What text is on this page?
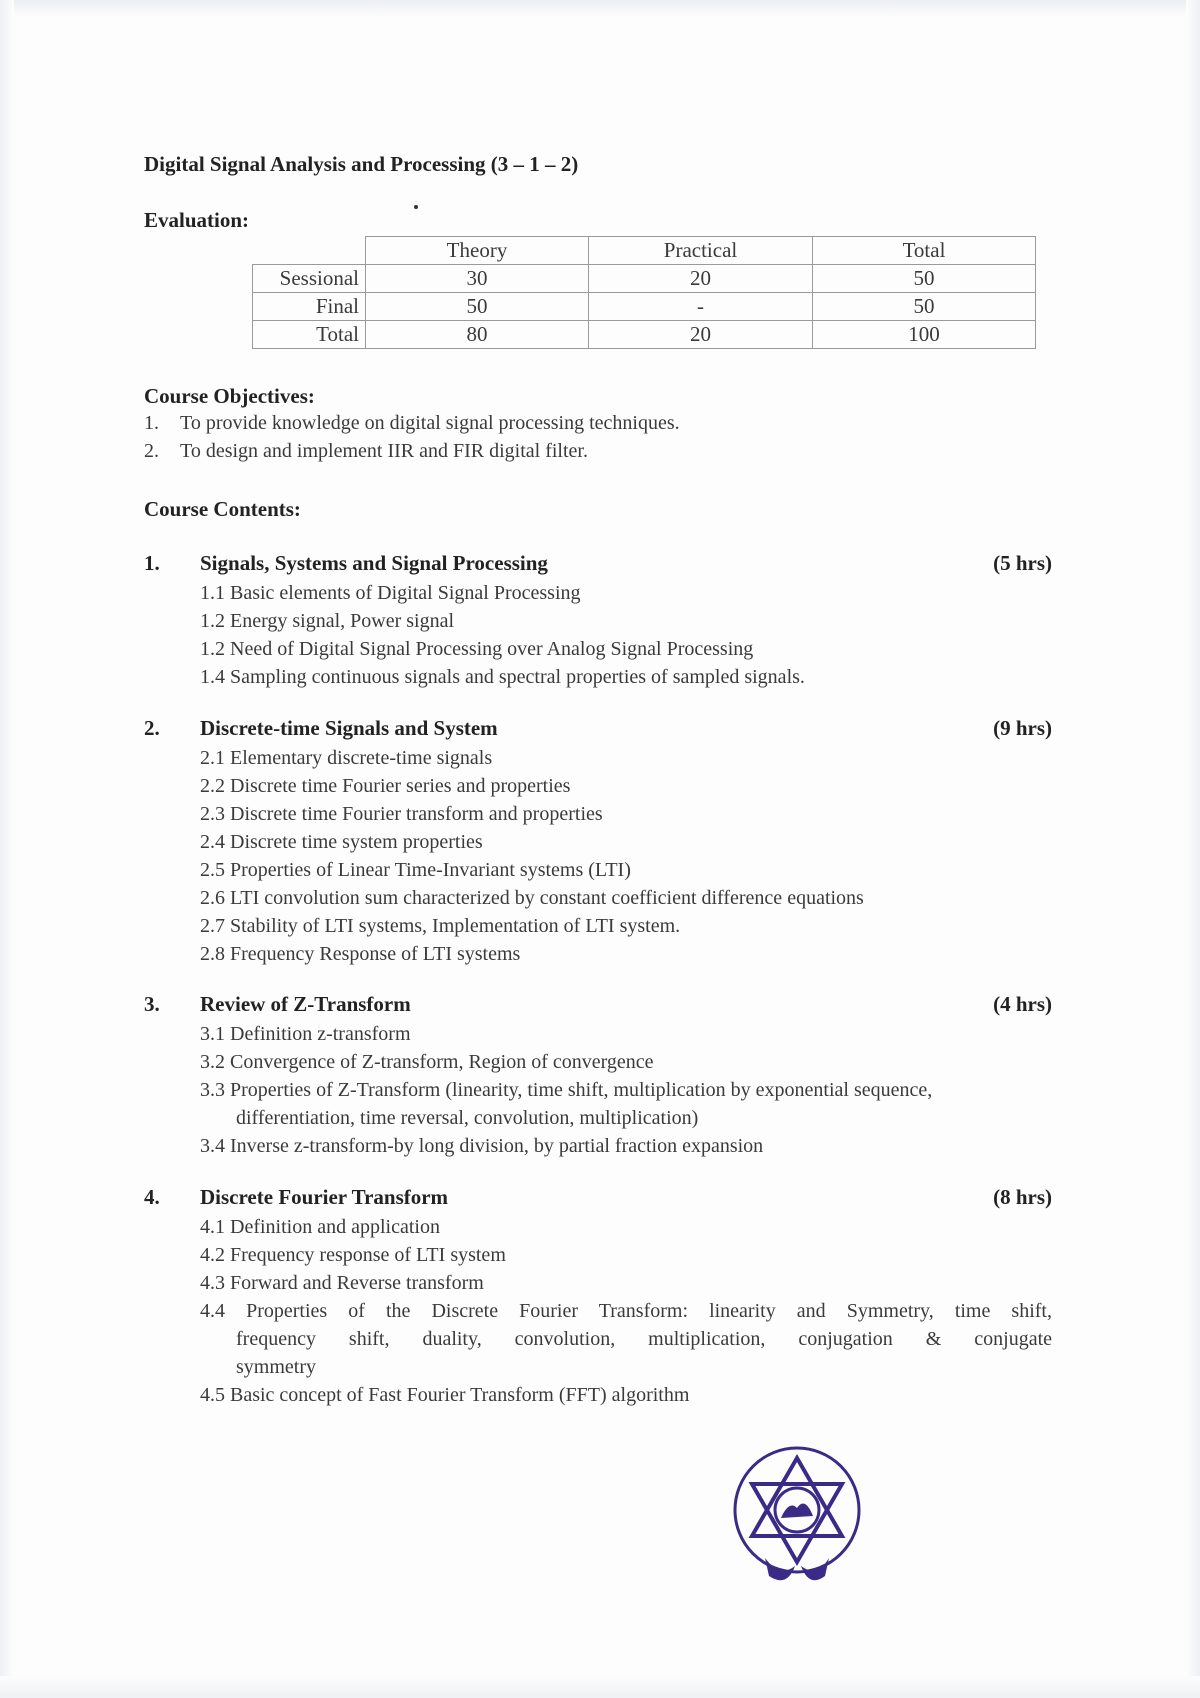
Digital Signal Analysis and Processing (3 – 1 – 2)
Evaluation:
	Theory	Practical	Total
Sessional	30	20	50
Final	50	-	50
Total	80	20	100
Course Objectives:
1. To provide knowledge on digital signal processing techniques.
2. To design and implement IIR and FIR digital filter.
Course Contents:
1. Signals, Systems and Signal Processing	(5 hrs)
1.1 Basic elements of Digital Signal Processing
1.2 Energy signal, Power signal
1.2 Need of Digital Signal Processing over Analog Signal Processing
1.4 Sampling continuous signals and spectral properties of sampled signals.
2. Discrete-time Signals and System	(9 hrs)
2.1 Elementary discrete-time signals
2.2 Discrete time Fourier series and properties
2.3 Discrete time Fourier transform and properties
2.4 Discrete time system properties
2.5 Properties of Linear Time-Invariant systems (LTI)
2.6 LTI convolution sum characterized by constant coefficient difference equations
2.7 Stability of LTI systems, Implementation of LTI system.
2.8 Frequency Response of LTI systems
3. Review of Z-Transform	(4 hrs)
3.1 Definition z-transform
3.2 Convergence of Z-transform, Region of convergence
3.3 Properties of Z-Transform (linearity, time shift, multiplication by exponential sequence,
differentiation, time reversal, convolution, multiplication)
3.4 Inverse z-transform-by long division, by partial fraction expansion
4. Discrete Fourier Transform	(8 hrs)
4.1 Definition and application
4.2 Frequency response of LTI system
4.3 Forward and Reverse transform
4.4 Properties of the Discrete Fourier Transform: linearity and Symmetry, time shift,
frequency shift, duality, convolution, multiplication, conjugation & conjugate
symmetry
4.5 Basic concept of Fast Fourier Transform (FFT) algorithm
